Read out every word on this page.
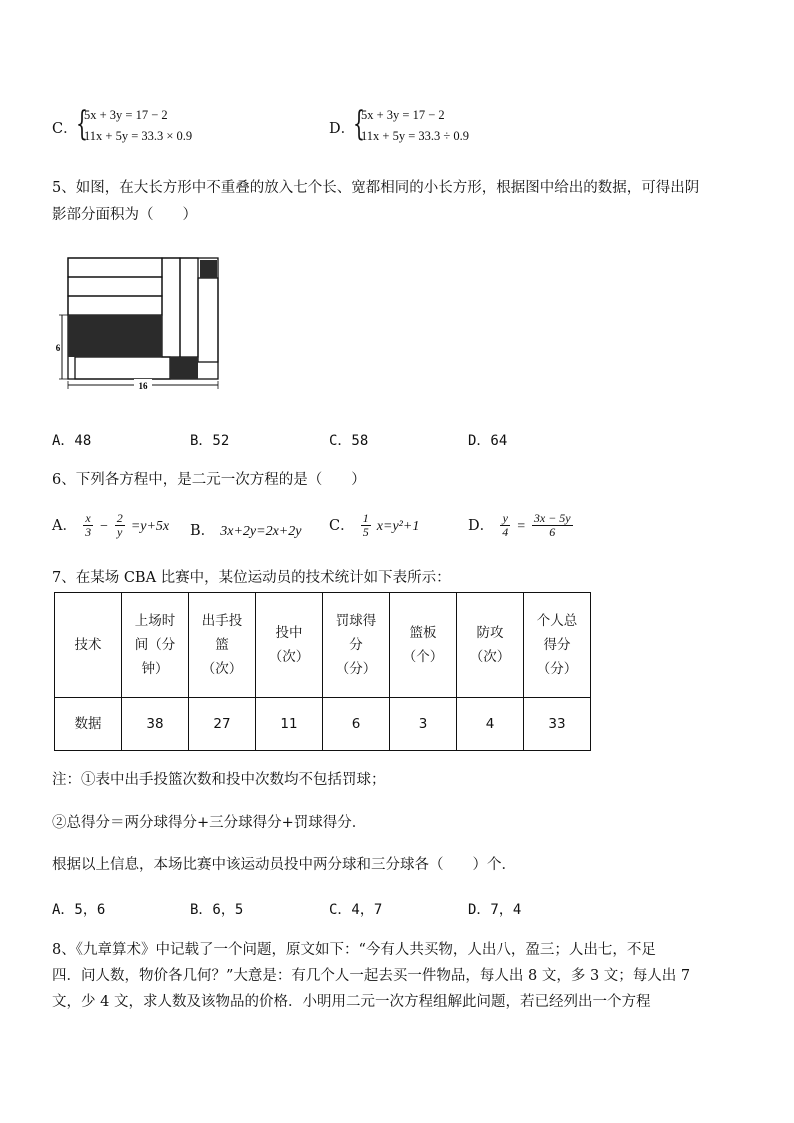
C．
{
5x + 3y = 17 − 2
11x + 5y = 33.3 × 0.9	D．
{
5x + 3y = 17 − 2
11x + 5y = 33.3 ÷ 0.9
5、如图，在大长方形中不重叠的放入七个长、宽都相同的小长方形，根据图中给出的数据，可得出阴
影部分面积为（　　）
16
6
A．48	B．52	C．58	D．64
6、下列各方程中，是二元一次方程的是（　　）
A． $\frac{x}{3} - \frac{2}{y} =y+5x$ B． 3x+2y=2x+2y C． $\frac{1}{5} x=y^2+1$	D． $\frac{y}{4} = \frac{3x - 5y}{6}$
7、在某场 CBA 比赛中，某位运动员的技术统计如下表所示：
技术	上场时
间（分
钟）	出手投
篮
（次）	投中
（次）	罚球得
分
（分）	篮板
（个）	防攻
（次）	个人总
得分
（分）

数据	38	27	11	6	3	4	33
注：①表中出手投篮次数和投中次数均不包括罚球；
②总得分＝两分球得分+三分球得分+罚球得分．
根据以上信息，本场比赛中该运动员投中两分球和三分球各（　　）个．
A．5，6	B．6，5	C．4，7	D．7，4
8、《九章算术》中记载了一个问题，原文如下：“今有人共买物，人出八，盈三；人出七，不足
四．问人数，物价各几何？”大意是：有几个人一起去买一件物品，每人出 8 文，多 3 文；每人出 7
文，少 4 文，求人数及该物品的价格．小明用二元一次方程组解此问题，若已经列出一个方程
